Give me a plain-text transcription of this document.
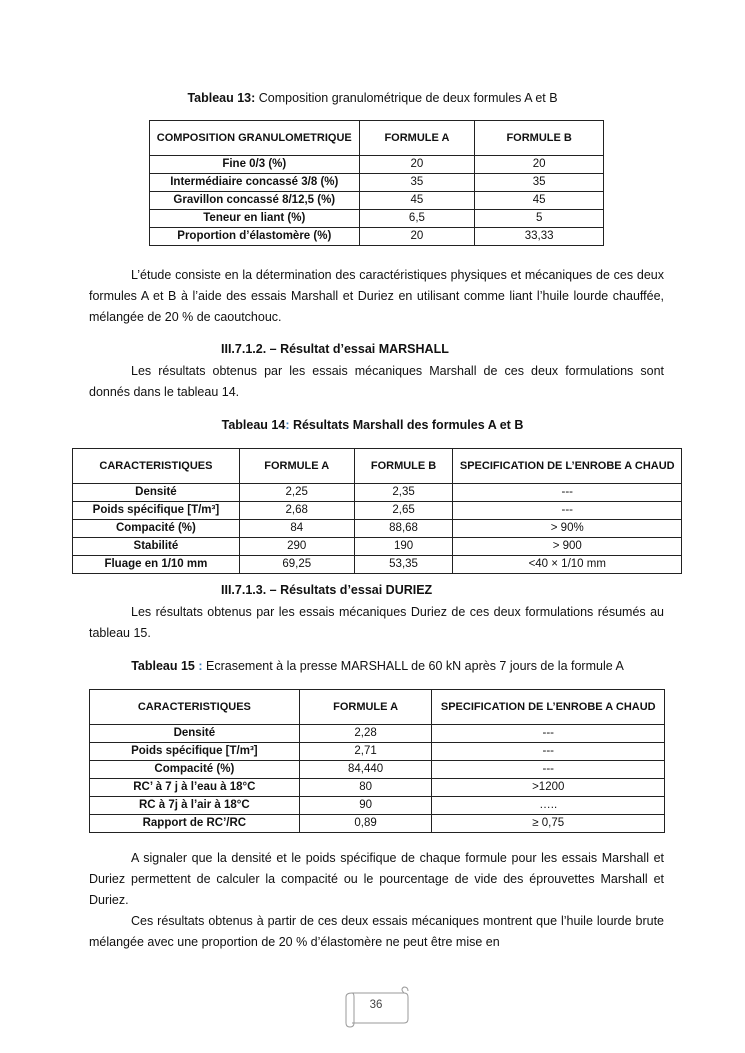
Tableau 13: Composition granulométrique de deux formules A et B
COMPOSITION GRANULOMETRIQUE	FORMULE A	FORMULE B
Fine 0/3 (%)	20	20
Intermédiaire concassé 3/8 (%)	35	35
Gravillon concassé 8/12,5 (%)	45	45
Teneur en liant (%)	6,5	5
Proportion d’élastomère (%)	20	33,33

L’étude consiste en la détermination des caractéristiques physiques et mécaniques de ces deux formules A et B à l’aide des essais Marshall et Duriez en utilisant comme liant l’huile lourde chauffée, mélangée de 20 % de caoutchouc.

III.7.1.2. – Résultat d’essai MARSHALL

Les résultats obtenus par les essais mécaniques Marshall de ces deux formulations sont donnés dans le tableau 14.

Tableau 14: Résultats Marshall des formules A et B
CARACTERISTIQUES	FORMULE A	FORMULE B	SPECIFICATION DE L’ENROBE A CHAUD
Densité	2,25	2,35	---
Poids spécifique [T/m³]	2,68	2,65	---
Compacité (%)	84	88,68	> 90%
Stabilité	290	190	> 900
Fluage en 1/10 mm	69,25	53,35	<40 × 1/10 mm
III.7.1.3. – Résultats d’essai DURIEZ

Les résultats obtenus par les essais mécaniques Duriez de ces deux formulations résumés au tableau 15.

Tableau 15 : Ecrasement à la presse MARSHALL de 60 kN après 7 jours de la formule A
CARACTERISTIQUES	FORMULE A	SPECIFICATION DE L’ENROBE A CHAUD
Densité	2,28	---
Poids spécifique [T/m³]	2,71	---
Compacité (%)	84,440	---
RC’ à 7 j à l’eau à 18°C	80	>1200
RC à 7j à l’air à 18°C	90	…..
Rapport de RC’/RC	0,89	≥ 0,75

A signaler que la densité et le poids spécifique de chaque formule pour les essais Marshall et Duriez permettent de calculer la compacité ou le pourcentage de vide des éprouvettes Marshall et Duriez.

Ces résultats obtenus à partir de ces deux essais mécaniques montrent que l’huile lourde brute mélangée avec une proportion de 20 % d’élastomère ne peut être mise en

36
